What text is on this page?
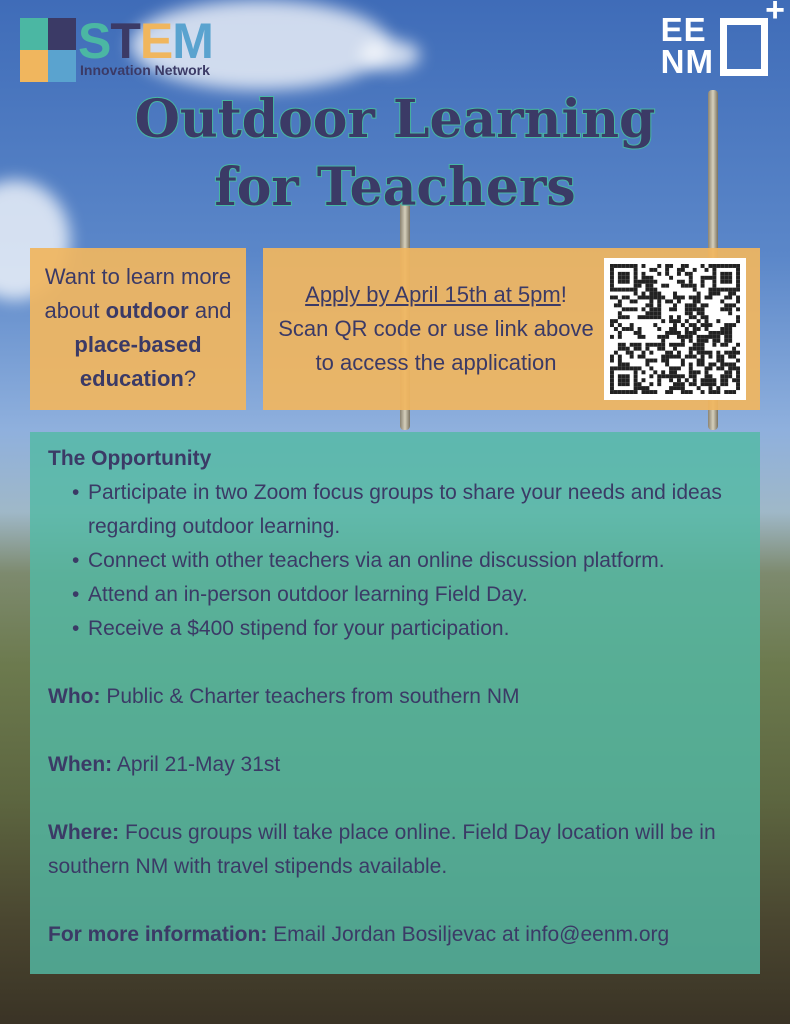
STEM
Innovation Network
EE
NM
+
Outdoor Learning
for Teachers
Want to learn more about outdoor and place-based education?
Apply by April 15th at 5pm!
Scan QR code or use link above to access the application

The Opportunity

• Participate in two Zoom focus groups to share your needs and ideas regarding outdoor learning.
• Connect with other teachers via an online discussion platform.
• Attend an in-person outdoor learning Field Day.
• Receive a $400 stipend for your participation.

Who: Public & Charter teachers from southern NM

When: April 21-May 31st

Where: Focus groups will take place online. Field Day location will be in southern NM with travel stipends available.

For more information: Email Jordan Bosiljevac at info@eenm.org
